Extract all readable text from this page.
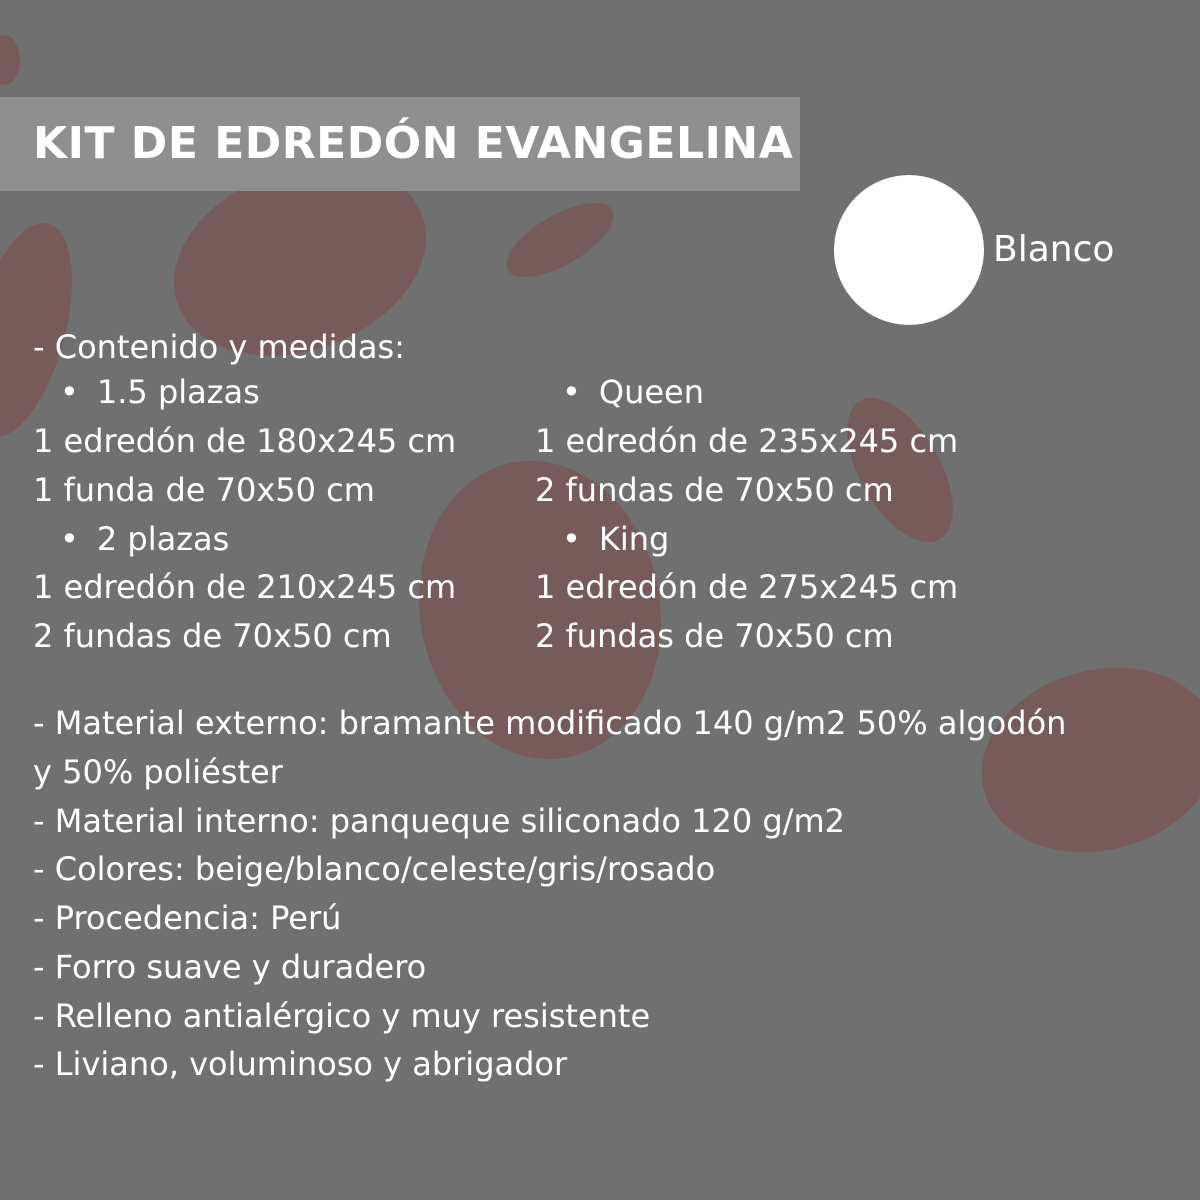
KIT DE EDREDÓN EVANGELINA
Blanco
- Contenido y medidas:
• 1.5 plazas
1 edredón de 180x245 cm
1 funda de 70x50 cm
• Queen
1 edredón de 235x245 cm
2 fundas de 70x50 cm
• 2 plazas
1 edredón de 210x245 cm
2 fundas de 70x50 cm
• King
1 edredón de 275x245 cm
2 fundas de 70x50 cm
- Material externo: bramante modificado 140 g/m2 50% algodón
y 50% poliéster
- Material interno: panqueque siliconado 120 g/m2
- Colores: beige/blanco/celeste/gris/rosado
- Procedencia: Perú
- Forro suave y duradero
- Relleno antialérgico y muy resistente
- Liviano, voluminoso y abrigador
